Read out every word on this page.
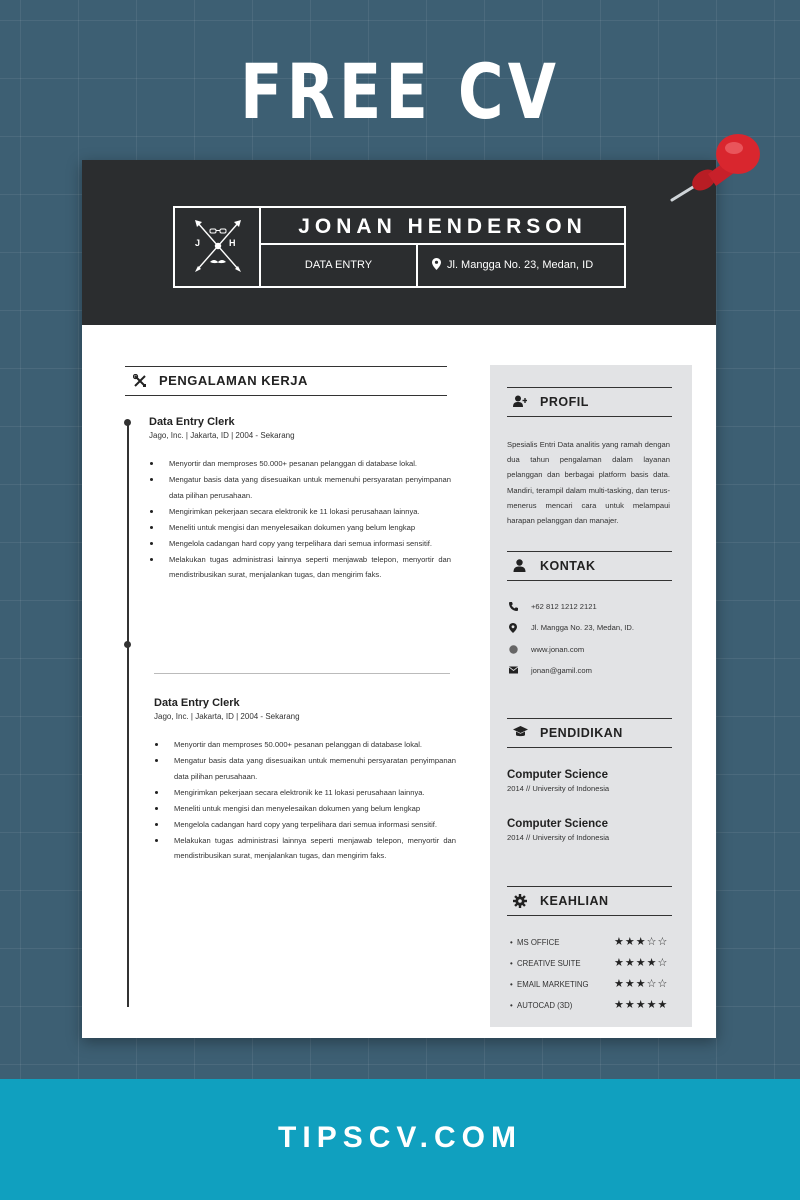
FREE CV
J	H
JONAN HENDERSON
DATA ENTRY	Jl. Mangga No. 23, Medan, ID
PENGALAMAN KERJA
Data Entry Clerk
Jago, Inc. | Jakarta, ID | 2004 - Sekarang
Menyortir dan memproses 50.000+ pesanan pelanggan di database lokal.
Mengatur basis data yang disesuaikan untuk memenuhi persyaratan penyimpanan data pilihan perusahaan.
Mengirimkan pekerjaan secara elektronik ke 11 lokasi perusahaan lainnya.
Meneliti untuk mengisi dan menyelesaikan dokumen yang belum lengkap
Mengelola cadangan hard copy yang terpelihara dari semua informasi sensitif.
Melakukan tugas administrasi lainnya seperti menjawab telepon, menyortir dan mendistribusikan surat, menjalankan tugas, dan mengirim faks.
Data Entry Clerk
Jago, Inc. | Jakarta, ID | 2004 - Sekarang
Menyortir dan memproses 50.000+ pesanan pelanggan di database lokal.
Mengatur basis data yang disesuaikan untuk memenuhi persyaratan penyimpanan data pilihan perusahaan.
Mengirimkan pekerjaan secara elektronik ke 11 lokasi perusahaan lainnya.
Meneliti untuk mengisi dan menyelesaikan dokumen yang belum lengkap
Mengelola cadangan hard copy yang terpelihara dari semua informasi sensitif.
Melakukan tugas administrasi lainnya seperti menjawab telepon, menyortir dan mendistribusikan surat, menjalankan tugas, dan mengirim faks.
PROFIL
Spesialis Entri Data analitis yang ramah dengan dua tahun pengalaman dalam layanan pelanggan dan berbagai platform basis data. Mandiri, terampil dalam multi-tasking, dan terus-menerus mencari cara untuk melampaui harapan pelanggan dan manajer.
KONTAK
+62 812 1212 2121
Jl. Mangga No. 23, Medan, ID.
www.jonan.com
jonan@gamil.com
PENDIDIKAN
Computer Science
2014 // University of Indonesia
Computer Science
2014 // University of Indonesia
KEAHLIAN
• MS OFFICE	★★★☆☆
• CREATIVE SUITE	★★★★☆
• EMAIL MARKETING ★★★☆☆
• AUTOCAD (3D)	★★★★★
TIPSCV.COM
